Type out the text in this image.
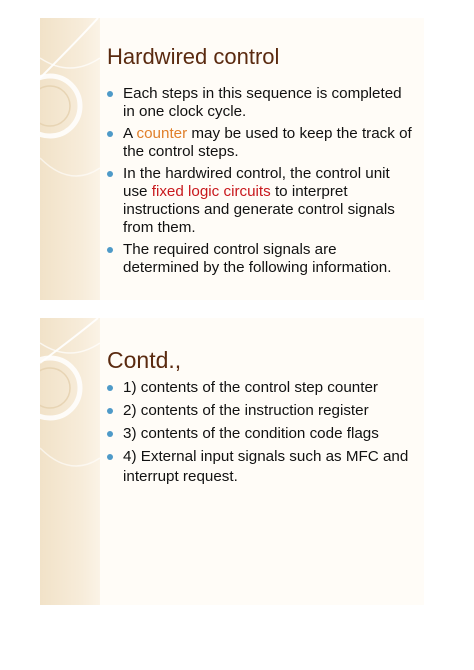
Hardwired control
Each steps in this sequence is completed in one clock cycle.
A counter may be used to keep the track of the control steps.
In the hardwired control, the control unit use fixed logic circuits to interpret instructions and generate control signals from them.
The required control signals are determined by the following information.
Contd.,
1) contents of the control step counter
2) contents of the instruction register
3) contents of the condition code flags
4) External input signals such as MFC and interrupt request.
